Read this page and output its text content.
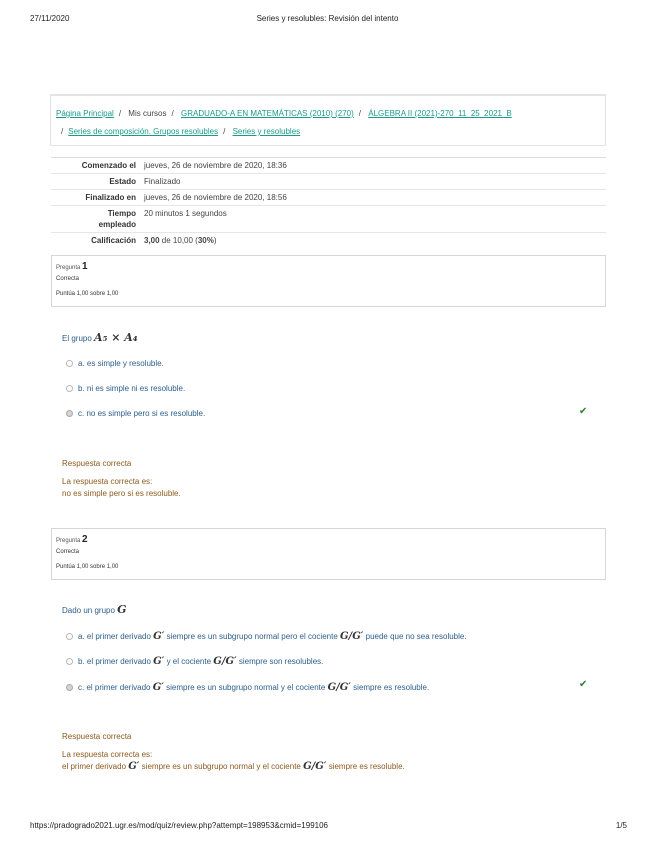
27/11/2020	Series y resolubles: Revisión del intento
Página Principal / Mis cursos / GRADUADO-A EN MATEMÁTICAS (2010) (270) / ÁLGEBRA II (2021)-270_11_25_2021_B
/ Series de composición. Grupos resolubles / Series y resolubles
Comenzado el	jueves, 26 de noviembre de 2020, 18:36
Estado	Finalizado
Finalizado en	jueves, 26 de noviembre de 2020, 18:56
Tiempo
empleado	20 minutos 1 segundos
Calificación	3,00 de 10,00 (30%)
Pregunta 1
Correcta
Puntúa 1,00 sobre 1,00
El grupo A₅ × A₄
a. es simple y resoluble.
b. ni es simple ni es resoluble.
c. no es simple pero si es resoluble.	✔
Respuesta correcta
La respuesta correcta es:
no es simple pero si es resoluble.
Pregunta 2
Correcta
Puntúa 1,00 sobre 1,00
Dado un grupo G
a. el primer derivado G′ siempre es un subgrupo normal pero el cociente G/G′ puede que no sea resoluble.
b. el primer derivado G′ y el cociente G/G′ siempre son resolubles.
c. el primer derivado G′ siempre es un subgrupo normal y el cociente G/G′ siempre es resoluble.	✔
Respuesta correcta
La respuesta correcta es:
el primer derivado G′ siempre es un subgrupo normal y el cociente G/G′ siempre es resoluble.
https://pradogrado2021.ugr.es/mod/quiz/review.php?attempt=198953&cmid=199106	1/5
